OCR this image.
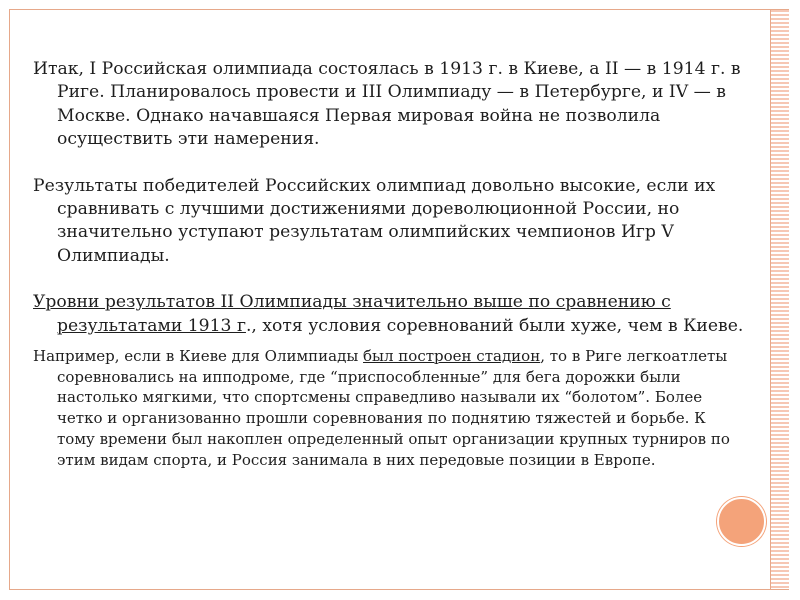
Итак, I Российская олимпиада состоялась в 1913 г. в Киеве, а II — в 1914 г. в Риге. Планировалось провести и III Олимпиаду — в Петербурге, и IV — в Москве. Однако начавшаяся Первая мировая война не позволила осуществить эти намерения.

Результаты победителей Российских олимпиад довольно высокие, если их сравнивать с лучшими достижениями дореволюционной России, но значительно уступают результатам олимпийских чемпионов Игр V Олимпиады.

Уровни результатов II Олимпиады значительно выше по сравнению с результатами 1913 г., хотя условия соревнований были хуже, чем в Киеве.

Например, если в Киеве для Олимпиады был построен стадион, то в Риге легкоатлеты соревновались на ипподроме, где “приспособленные” для бега дорожки были настолько мягкими, что спортсмены справедливо называли их “болотом”. Более четко и организованно прошли соревнования по поднятию тяжестей и борьбе. К тому времени был накоплен определенный опыт организации крупных турниров по этим видам спорта, и Россия занимала в них передовые позиции в Европе.
